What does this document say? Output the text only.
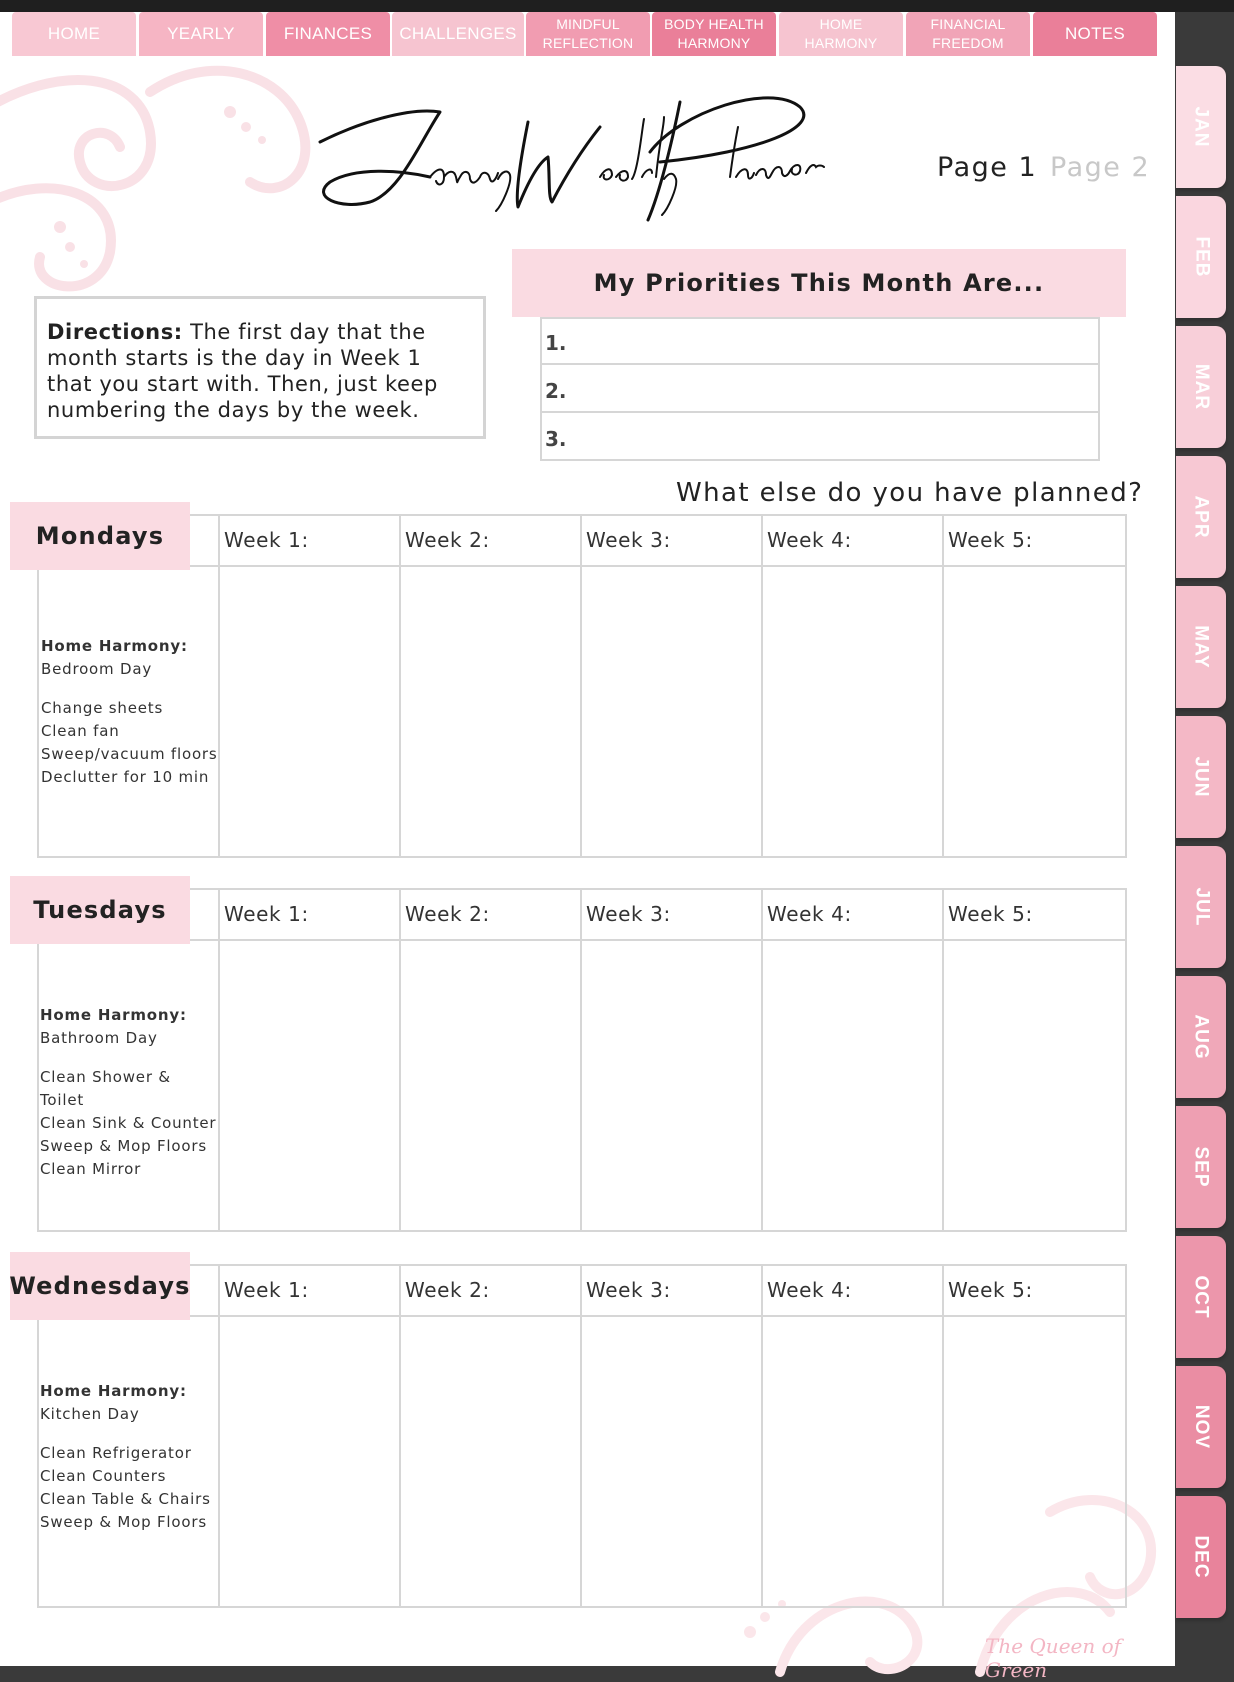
January Weekly Planner
Page 1 Page 2
Directions: The first day that the month starts is the day in Week 1 that you start with. Then, just keep numbering the days by the week.
My Priorities This Month Are...
1.
2.
3.
What else do you have planned?
Mondays	Week 1:	Week 2:	Week 3:	Week 4:	Week 5:
Home Harmony:
Bedroom Day
Change sheets
Clean fan
Sweep/vacuum floors
Declutter for 10 min
Tuesdays	Week 1:	Week 2:	Week 3:	Week 4:	Week 5:
Home Harmony:
Bathroom Day
Clean Shower &
Toilet
Clean Sink & Counter
Sweep & Mop Floors
Clean Mirror
Wednesdays Week 1:	Week 2:	Week 3:	Week 4:	Week 5:
Home Harmony:
Kitchen Day
Clean Refrigerator
Clean Counters
Clean Table & Chairs
Sweep & Mop Floors
The Queen of Green
HOME	YEARLY	FINANCES	CHALLENGES	MINDFUL
REFLECTION
BODY HEALTH
HARMONY
HOME
HARMONY
FINANCIAL
FREEDOM	NOTES
JAN
FEB
MAR
APR
MAY
JUN
JUL
AUG
SEP
OCT
NOV
DEC
